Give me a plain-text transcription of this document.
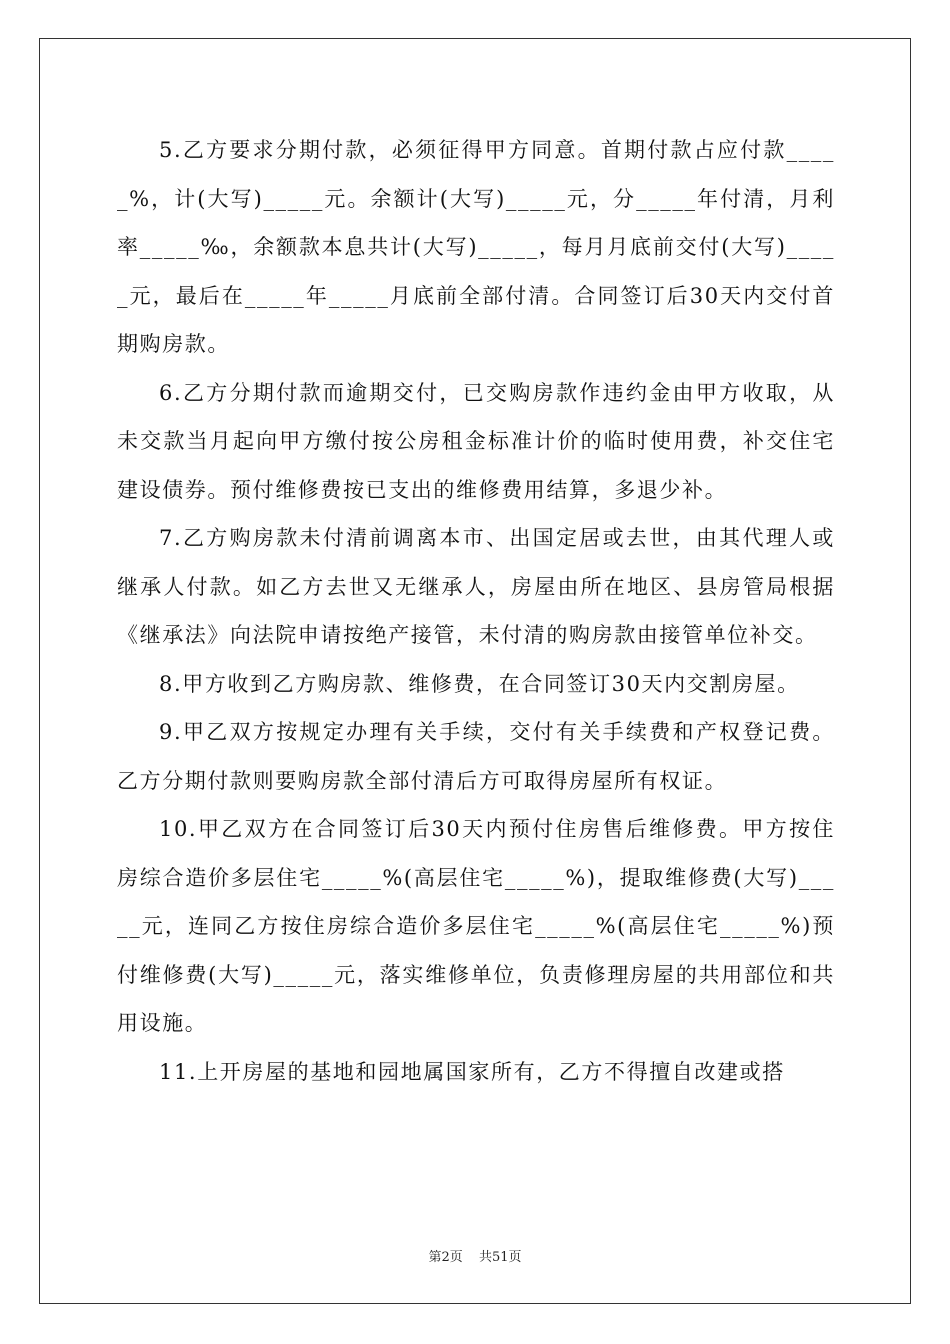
5.乙方要求分期付款，必须征得甲方同意。首期付款占应付款_____%，计(大写)_____元。余额计(大写)_____元，分_____年付清，月利率_____‰，余额款本息共计(大写)_____，每月月底前交付(大写)_____元，最后在_____年_____月底前全部付清。合同签订后30天内交付首期购房款。

6.乙方分期付款而逾期交付，已交购房款作违约金由甲方收取，从未交款当月起向甲方缴付按公房租金标准计价的临时使用费，补交住宅建设债券。预付维修费按已支出的维修费用结算，多退少补。

7.乙方购房款未付清前调离本市、出国定居或去世，由其代理人或继承人付款。如乙方去世又无继承人，房屋由所在地区、县房管局根据《继承法》向法院申请按绝产接管，未付清的购房款由接管单位补交。

8.甲方收到乙方购房款、维修费，在合同签订30天内交割房屋。

9.甲乙双方按规定办理有关手续，交付有关手续费和产权登记费。乙方分期付款则要购房款全部付清后方可取得房屋所有权证。

10.甲乙双方在合同签订后30天内预付住房售后维修费。甲方按住房综合造价多层住宅_____%(高层住宅_____%)，提取维修费(大写)_____元，连同乙方按住房综合造价多层住宅_____%(高层住宅_____%)预付维修费(大写)_____元，落实维修单位，负责修理房屋的共用部位和共用设施。

11.上开房屋的基地和园地属国家所有，乙方不得擅自改建或搭

第2页 共51页
